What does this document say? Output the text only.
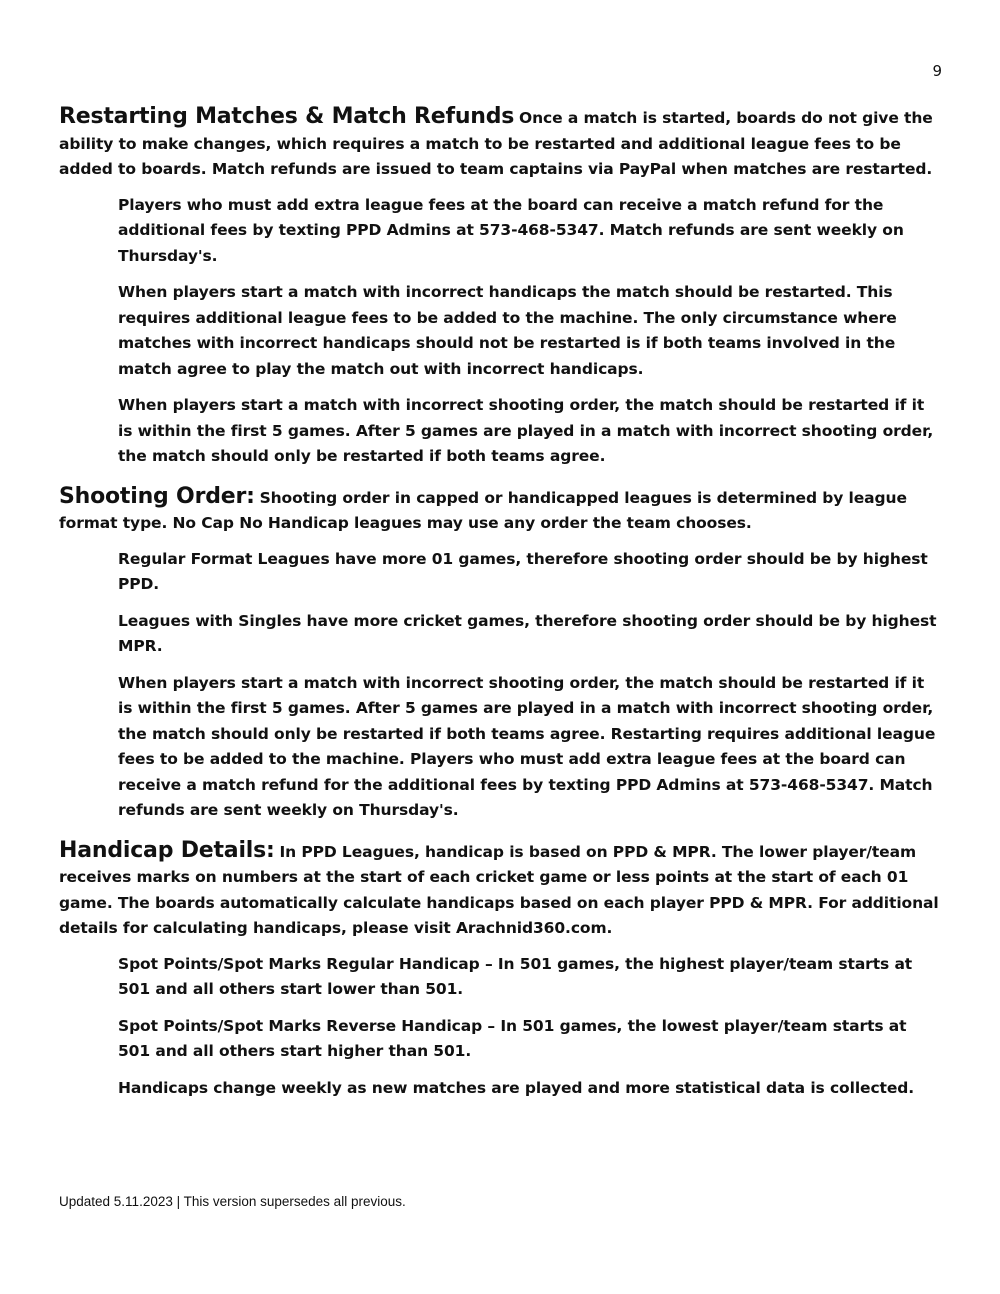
9

Restarting Matches & Match Refunds Once a match is started, boards do not give the ability to make changes, which requires a match to be restarted and additional league fees to be added to boards. Match refunds are issued to team captains via PayPal when matches are restarted.

Players who must add extra league fees at the board can receive a match refund for the additional fees by texting PPD Admins at 573-468-5347. Match refunds are sent weekly on Thursday's.

When players start a match with incorrect handicaps the match should be restarted. This requires additional league fees to be added to the machine. The only circumstance where matches with incorrect handicaps should not be restarted is if both teams involved in the match agree to play the match out with incorrect handicaps.

When players start a match with incorrect shooting order, the match should be restarted if it is within the first 5 games. After 5 games are played in a match with incorrect shooting order, the match should only be restarted if both teams agree.

Shooting Order: Shooting order in capped or handicapped leagues is determined by league format type. No Cap No Handicap leagues may use any order the team chooses.

Regular Format Leagues have more 01 games, therefore shooting order should be by highest PPD.

Leagues with Singles have more cricket games, therefore shooting order should be by highest MPR.

When players start a match with incorrect shooting order, the match should be restarted if it is within the first 5 games. After 5 games are played in a match with incorrect shooting order, the match should only be restarted if both teams agree. Restarting requires additional league fees to be added to the machine. Players who must add extra league fees at the board can receive a match refund for the additional fees by texting PPD Admins at 573-468-5347. Match refunds are sent weekly on Thursday's.

Handicap Details: In PPD Leagues, handicap is based on PPD & MPR. The lower player/team receives marks on numbers at the start of each cricket game or less points at the start of each 01 game. The boards automatically calculate handicaps based on each player PPD & MPR. For additional details for calculating handicaps, please visit Arachnid360.com.

Spot Points/Spot Marks Regular Handicap – In 501 games, the highest player/team starts at 501 and all others start lower than 501.

Spot Points/Spot Marks Reverse Handicap – In 501 games, the lowest player/team starts at 501 and all others start higher than 501.

Handicaps change weekly as new matches are played and more statistical data is collected.

Updated 5.11.2023 | This version supersedes all previous.
